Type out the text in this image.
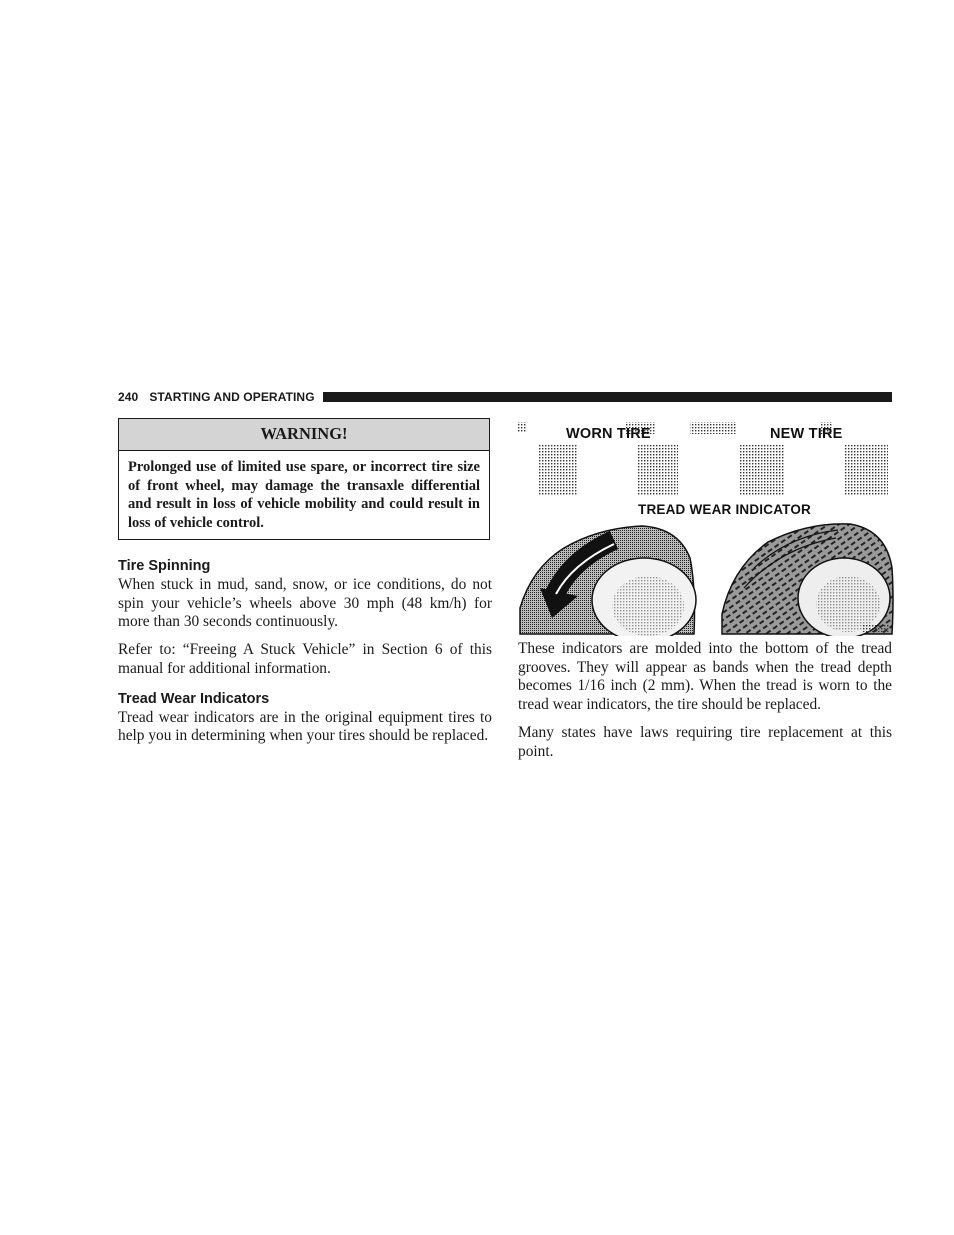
240 STARTING AND OPERATING
WARNING!
Prolonged use of limited use spare, or incorrect tire size of front wheel, may damage the transaxle differential and result in loss of vehicle mobility and could result in loss of vehicle control.
Tire Spinning

When stuck in mud, sand, snow, or ice conditions, do not spin your vehicle’s wheels above 30 mph (48 km/h) for more than 30 seconds continuously.

Refer to: “Freeing A Stuck Vehicle” in Section 6 of this manual for additional information.

Tread Wear Indicators

Tread wear indicators are in the original equipment tires to help you in determining when your tires should be replaced.

WORN TIRE	NEW TIRE
TREAD WEAR INDICATOR

These indicators are molded into the bottom of the tread grooves. They will appear as bands when the tread depth becomes 1/16 inch (2 mm). When the tread is worn to the tread wear indicators, the tire should be replaced.

Many states have laws requiring tire replacement at this point.
